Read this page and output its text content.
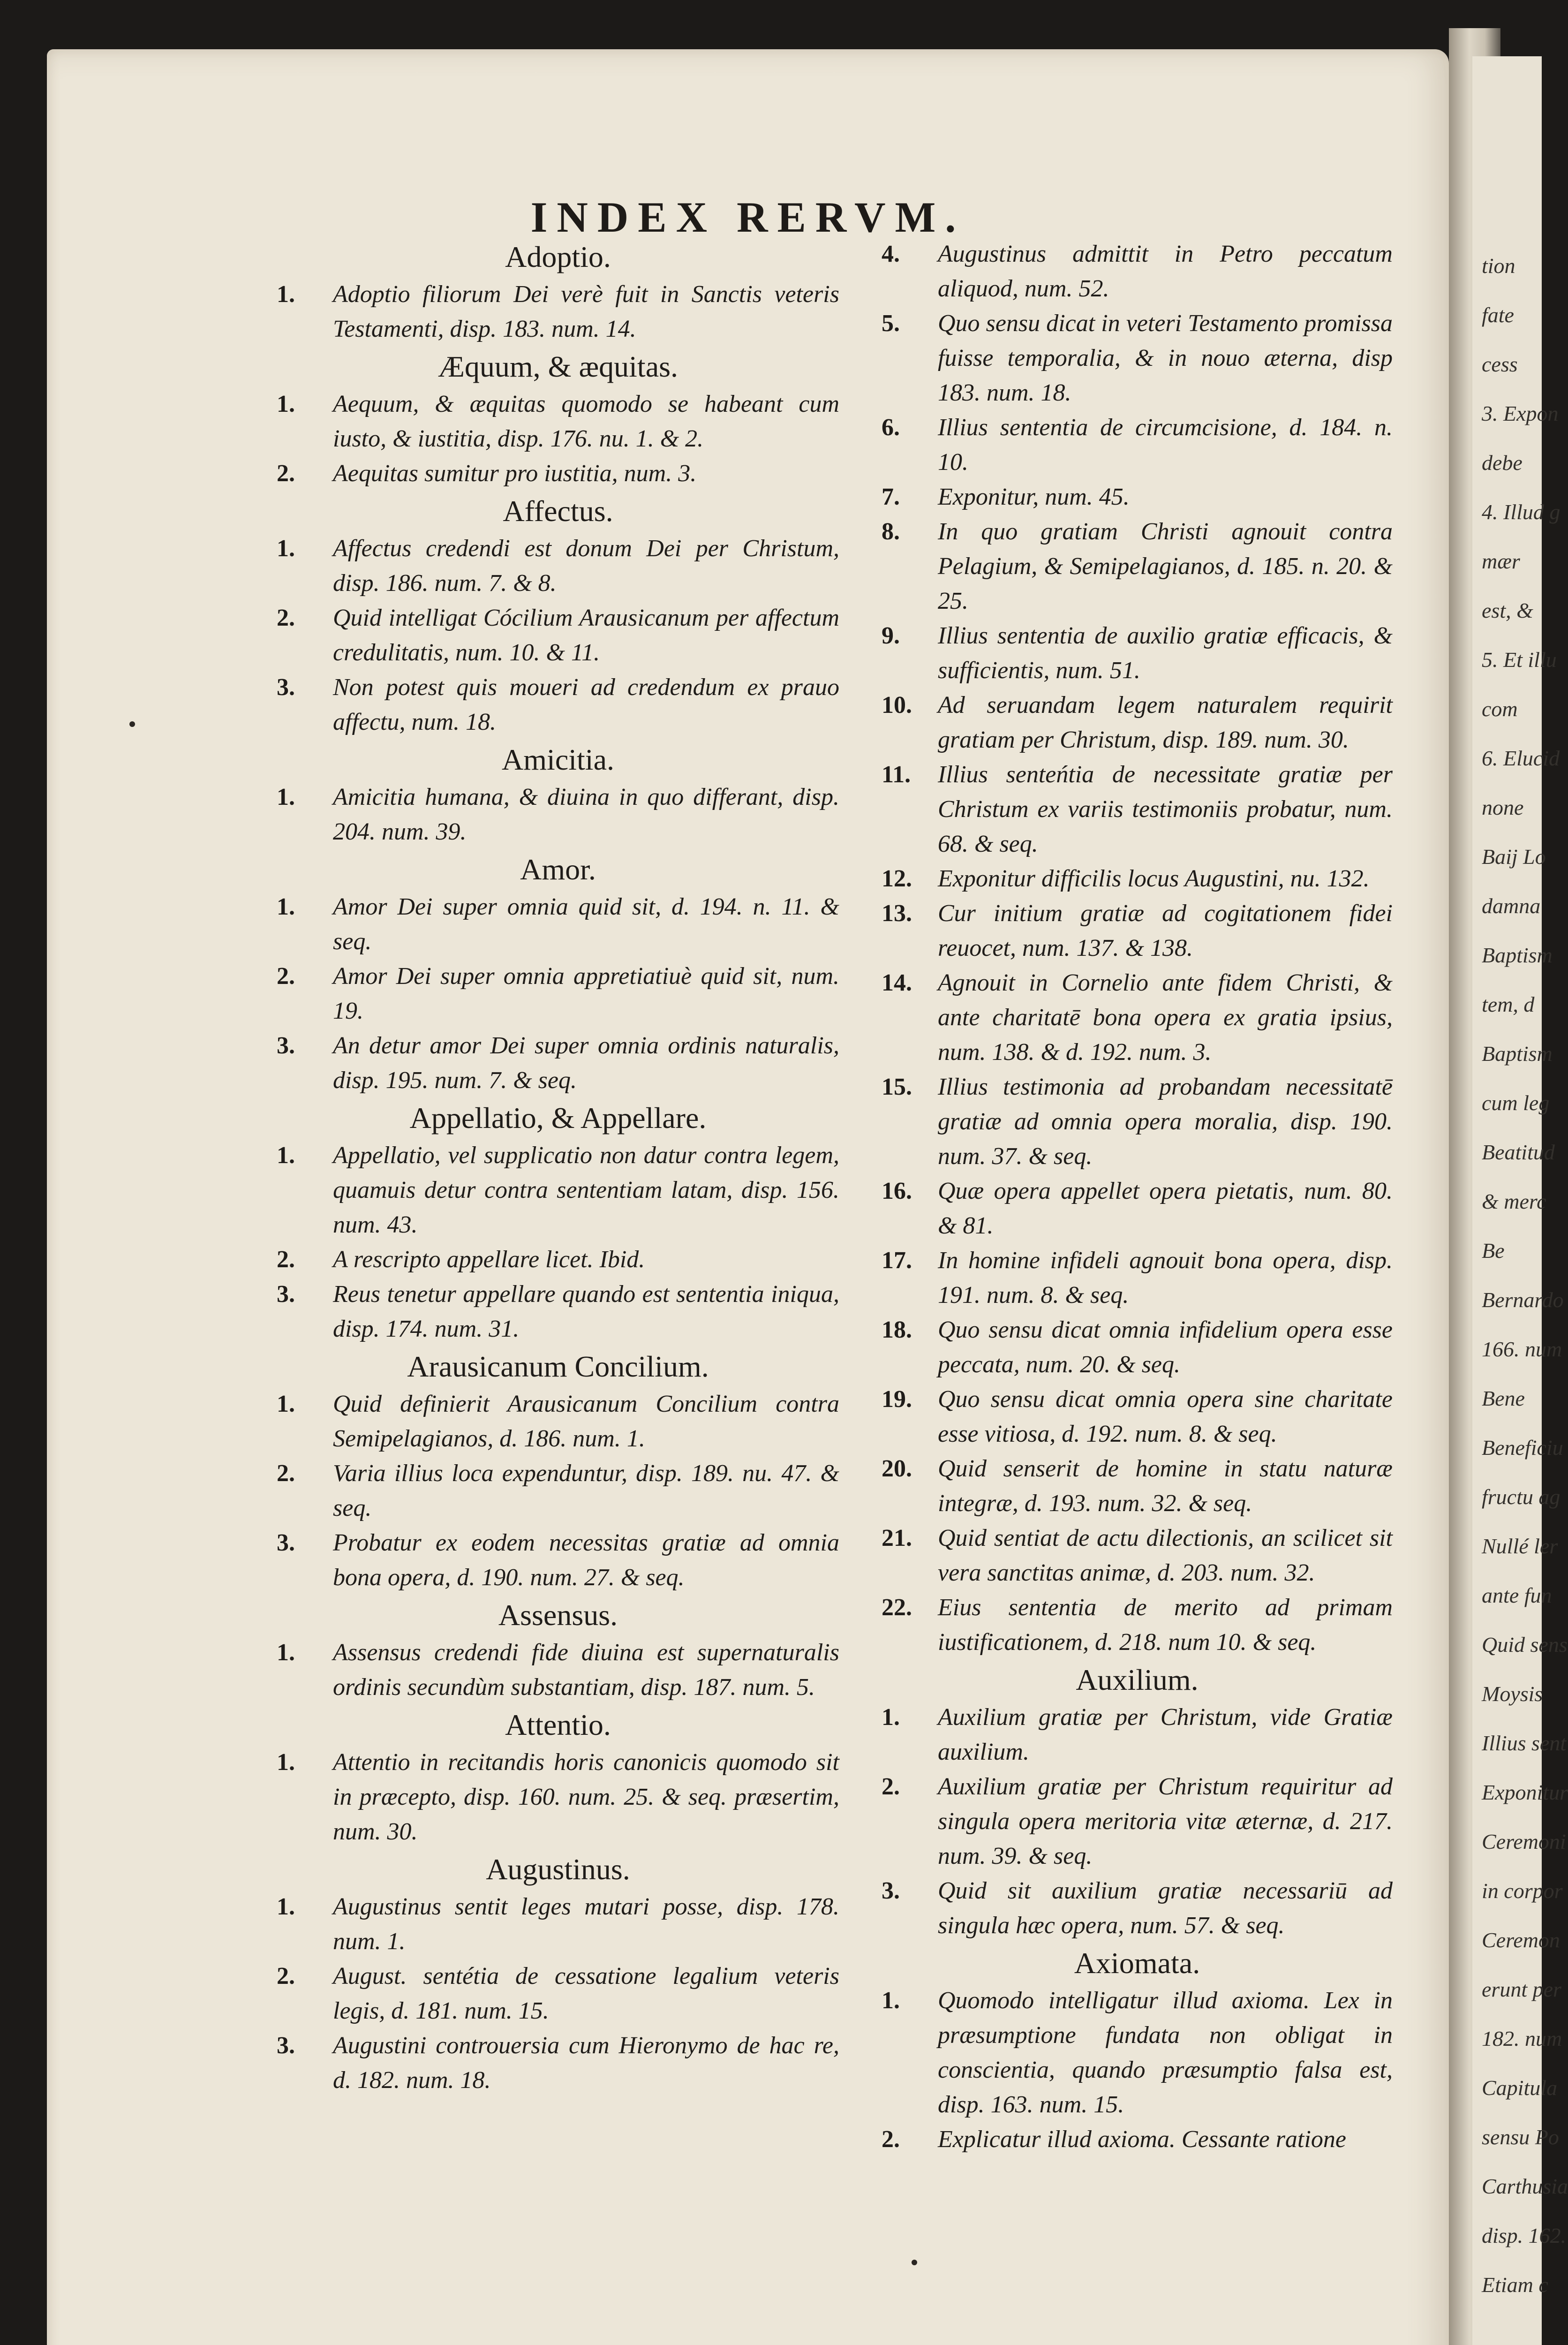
tion
fate
cess
3. Expon
debe
4. Illud g
mær
est, &
5. Et illu
com
6. Elucid
none
Baij Lo
damna
Baptism
tem, d
Baptism
cum leg
Beatitud
& merc
Be
Bernardo
166. num
Bene
Beneficiu
fructu ag
Nullé ler
ante fun
Quid sens
Moysis
Illius sent
Exponitur
Ceremoni
in corpor
Ceremon
erunt per
182. num
Capitula
sensu Po
Carthusia
disp. 162.
Etiam c
INDEX RERVM.
Adoptio.
1.	Adoptio filiorum Dei verè fuit in Sanctis veteris Testamenti, disp. 183. num. 14.
Æquum, & æquitas.
1.	Aequum, & æquitas quomodo se habeant cum iusto, & iustitia, disp. 176. nu. 1. & 2.
2.	Aequitas sumitur pro iustitia, num. 3.
Affectus.
1.	Affectus credendi est donum Dei per Christum, disp. 186. num. 7. & 8.
2.	Quid intelligat Cócilium Arausicanum per affectum credulitatis, num. 10. & 11.
3.	Non potest quis moueri ad credendum ex prauo affectu, num. 18.
Amicitia.
1.	Amicitia humana, & diuina in quo differant, disp. 204. num. 39.
Amor.
1.	Amor Dei super omnia quid sit, d. 194. n. 11. & seq.
2.	Amor Dei super omnia appretiatiuè quid sit, num. 19.
3.	An detur amor Dei super omnia ordinis naturalis, disp. 195. num. 7. & seq.
Appellatio, & Appellare.
1.	Appellatio, vel supplicatio non datur contra legem, quamuis detur contra sententiam latam, disp. 156. num. 43.
2.	A rescripto appellare licet. Ibid.
3.	Reus tenetur appellare quando est sententia iniqua, disp. 174. num. 31.
Arausicanum Concilium.
1.	Quid definierit Arausicanum Concilium contra Semipelagianos, d. 186. num. 1.
2.	Varia illius loca expenduntur, disp. 189. nu. 47. & seq.
3.	Probatur ex eodem necessitas gratiæ ad omnia bona opera, d. 190. num. 27. & seq.
Assensus.
1.	Assensus credendi fide diuina est supernaturalis ordinis secundùm substantiam, disp. 187. num. 5.
Attentio.
1.	Attentio in recitandis horis canonicis quomodo sit in præcepto, disp. 160. num. 25. & seq. præsertim, num. 30.
Augustinus.
1.	Augustinus sentit leges mutari posse, disp. 178. num. 1.
2.	August. sentétia de cessatione legalium veteris legis, d. 181. num. 15.
3.	Augustini controuersia cum Hieronymo de hac re, d. 182. num. 18.
4.	Augustinus admittit in Petro peccatum aliquod, num. 52.
5.	Quo sensu dicat in veteri Testamento promissa fuisse temporalia, & in nouo æterna, disp 183. num. 18.
6.	Illius sententia de circumcisione, d. 184. n. 10.
7.	Exponitur, num. 45.
8.	In quo gratiam Christi agnouit contra Pelagium, & Semipelagianos, d. 185. n. 20. & 25.
9.	Illius sententia de auxilio gratiæ efficacis, & sufficientis, num. 51.
10.	Ad seruandam legem naturalem requirit gratiam per Christum, disp. 189. num. 30.
11.	Illius senteńtia de necessitate gratiæ per Christum ex variis testimoniis probatur, num. 68. & seq.
12.	Exponitur difficilis locus Augustini, nu. 132.
13.	Cur initium gratiæ ad cogitationem fidei reuocet, num. 137. & 138.
14.	Agnouit in Cornelio ante fidem Christi, & ante charitatē bona opera ex gratia ipsius, num. 138. & d. 192. num. 3.
15.	Illius testimonia ad probandam necessitatē gratiæ ad omnia opera moralia, disp. 190. num. 37. & seq.
16.	Quæ opera appellet opera pietatis, num. 80. & 81.
17.	In homine infideli agnouit bona opera, disp. 191. num. 8. & seq.
18.	Quo sensu dicat omnia infidelium opera esse peccata, num. 20. & seq.
19.	Quo sensu dicat omnia opera sine charitate esse vitiosa, d. 192. num. 8. & seq.
20.	Quid senserit de homine in statu naturæ integræ, d. 193. num. 32. & seq.
21.	Quid sentiat de actu dilectionis, an scilicet sit vera sanctitas animæ, d. 203. num. 32.
22.	Eius sententia de merito ad primam iustificationem, d. 218. num 10. & seq.
Auxilium.
1.	Auxilium gratiæ per Christum, vide Gratiæ auxilium.
2.	Auxilium gratiæ per Christum requiritur ad singula opera meritoria vitæ æternæ, d. 217. num. 39. & seq.
3.	Quid sit auxilium gratiæ necessariū ad singula hæc opera, num. 57. & seq.
Axiomata.
1.	Quomodo intelligatur illud axioma. Lex in præsumptione fundata non obligat in conscientia, quando præsumptio falsa est, disp. 163. num. 15.
2.	Explicatur illud axioma. Cessante ratione
